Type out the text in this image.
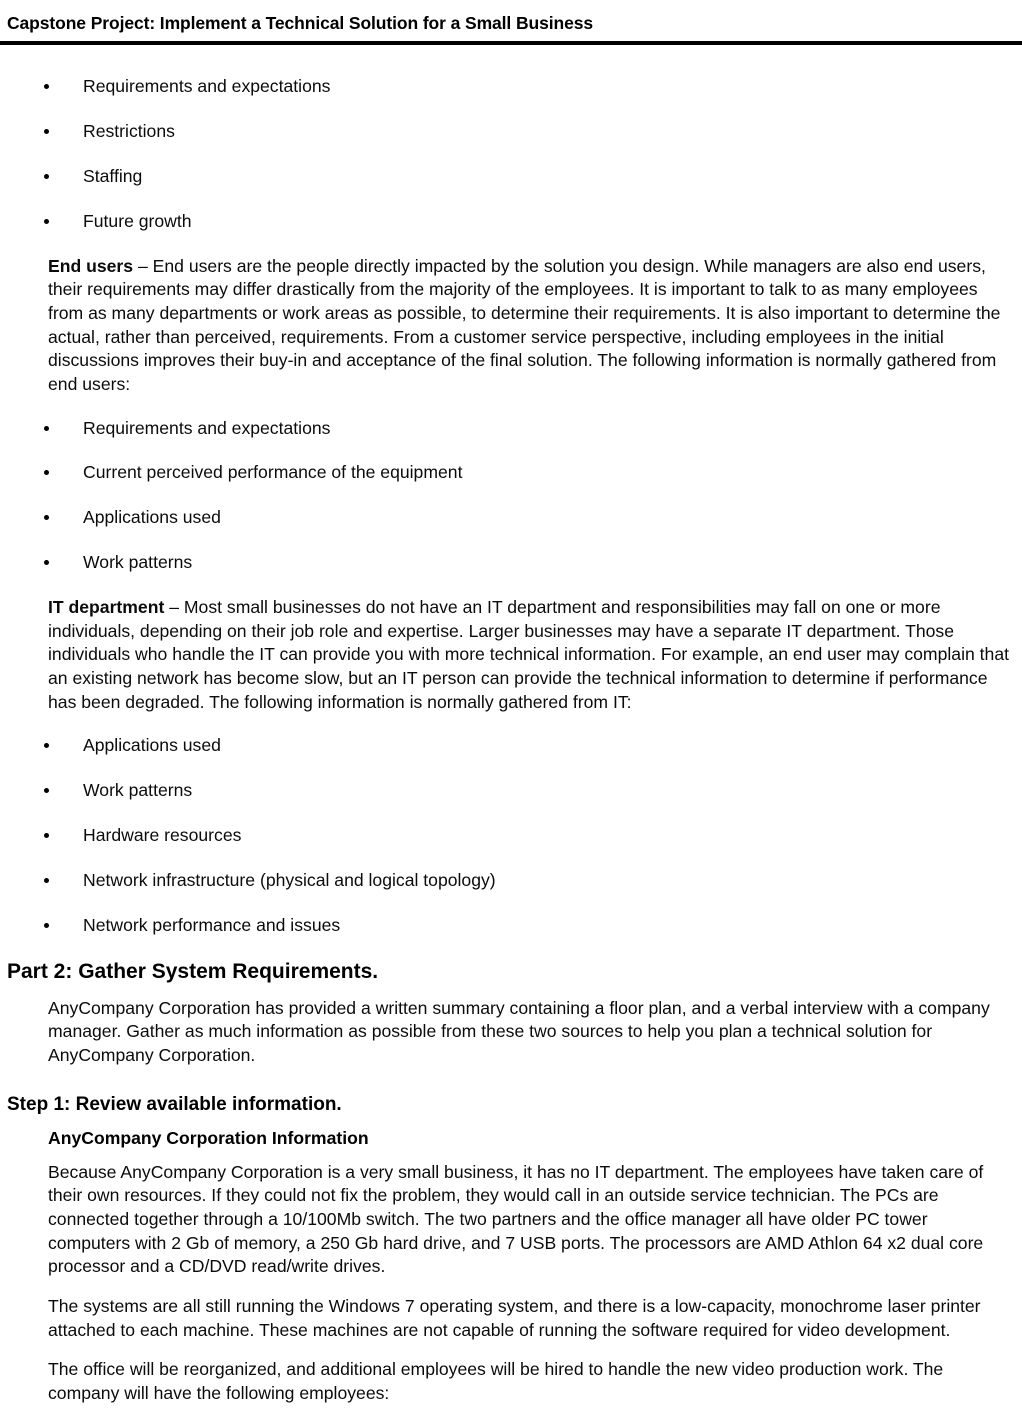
Capstone Project: Implement a Technical Solution for a Small Business
Requirements and expectations
Restrictions
Staffing
Future growth

End users – End users are the people directly impacted by the solution you design. While managers are also end users, their requirements may differ drastically from the majority of the employees. It is important to talk to as many employees from as many departments or work areas as possible, to determine their requirements. It is also important to determine the actual, rather than perceived, requirements. From a customer service perspective, including employees in the initial discussions improves their buy-in and acceptance of the final solution. The following information is normally gathered from end users:

Requirements and expectations
Current perceived performance of the equipment
Applications used
Work patterns

IT department – Most small businesses do not have an IT department and responsibilities may fall on one or more individuals, depending on their job role and expertise. Larger businesses may have a separate IT department. Those individuals who handle the IT can provide you with more technical information. For example, an end user may complain that an existing network has become slow, but an IT person can provide the technical information to determine if performance has been degraded. The following information is normally gathered from IT:

Applications used
Work patterns
Hardware resources
Network infrastructure (physical and logical topology)
Network performance and issues
Part 2: Gather System Requirements.

AnyCompany Corporation has provided a written summary containing a floor plan, and a verbal interview with a company manager. Gather as much information as possible from these two sources to help you plan a technical solution for AnyCompany Corporation.

Step 1: Review available information.
AnyCompany Corporation Information

Because AnyCompany Corporation is a very small business, it has no IT department. The employees have taken care of their own resources. If they could not fix the problem, they would call in an outside service technician. The PCs are connected together through a 10/100Mb switch. The two partners and the office manager all have older PC tower computers with 2 Gb of memory, a 250 Gb hard drive, and 7 USB ports. The processors are AMD Athlon 64 x2 dual core processor and a CD/DVD read/write drives.

The systems are all still running the Windows 7 operating system, and there is a low-capacity, monochrome laser printer attached to each machine. These machines are not capable of running the software required for video development.

The office will be reorganized, and additional employees will be hired to handle the new video production work. The company will have the following employees:
